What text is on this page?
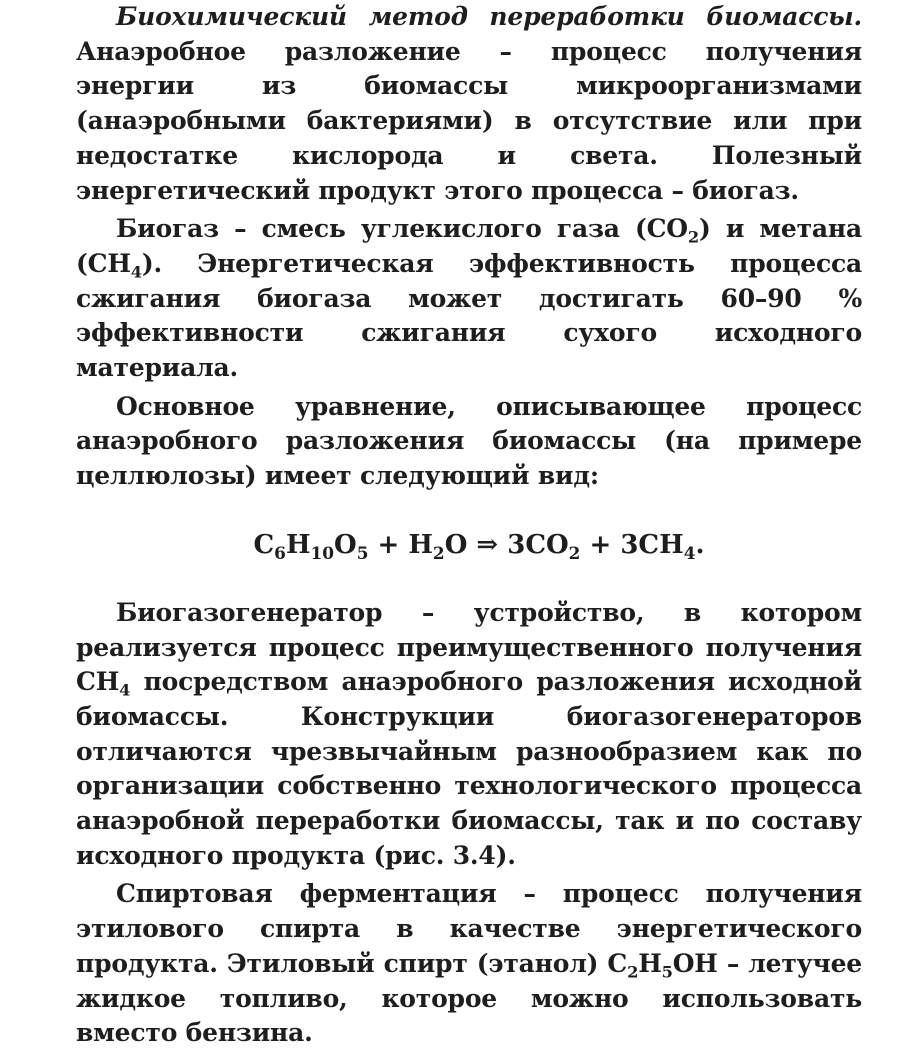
Биохимический метод переработки биомассы. Анаэробное разложение – процесс получения энергии из биомассы микроорганизмами (анаэробными бактериями) в отсутствие или при недостатке кислорода и света. Полезный энергетический продукт этого процесса – биогаз.

Биогаз – смесь углекислого газа $(CO_2)$ и метана $(CH_4)$. Энергетическая эффективность процесса сжигания биогаза может достигать 60–90 % эффективности сжигания сухого исходного материала.

Основное уравнение, описывающее процесс анаэробного разложения биомассы (на примере целлюлозы) имеет следующий вид:

$C_6H_{10}O_5 + H_2O$ ⇒ $3CO_2 + 3CH_4$.

Биогазогенератор – устройство, в котором реализуется процесс преимущественного получения $CH_4$ посредством анаэробного разложения исходной биомассы. Конструкции биогазогенераторов отличаются чрезвычайным разнообразием как по организации собственно технологического процесса анаэробной переработки биомассы, так и по составу исходного продукта (рис. 3.4).

Спиртовая ферментация – процесс получения этилового спирта в качестве энергетического продукта. Этиловый спирт (этанол) $C_2H_5OH$ – летучее жидкое топливо, которое можно использовать вместо бензина.
